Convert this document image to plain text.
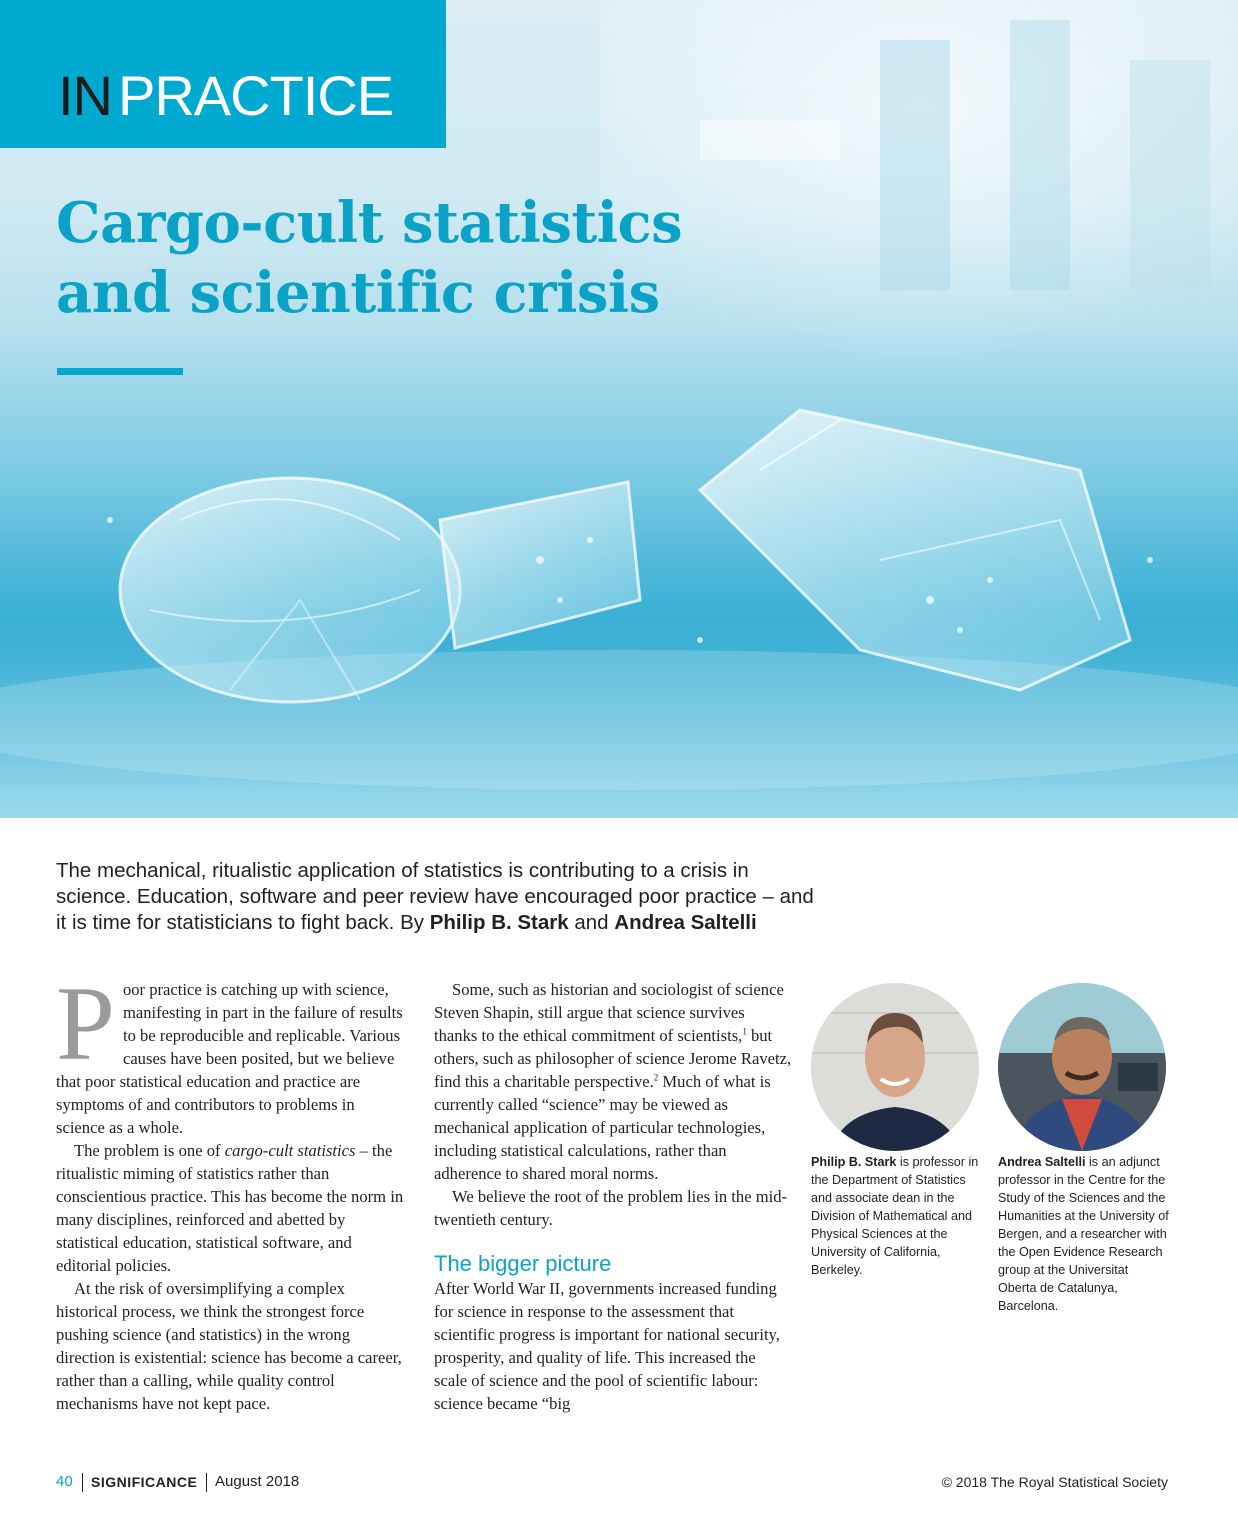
IN PRACTICE
Cargo-cult statistics and scientific crisis

The mechanical, ritualistic application of statistics is contributing to a crisis in science. Education, software and peer review have encouraged poor practice – and it is time for statisticians to fight back. By Philip B. Stark and Andrea Saltelli

Poor practice is catching up with science, manifesting in part in the failure of results to be reproducible and replicable. Various causes have been posited, but we believe that poor statistical education and practice are symptoms of and contributors to problems in science as a whole.

The problem is one of cargo-cult statistics – the ritualistic miming of statistics rather than conscientious practice. This has become the norm in many disciplines, reinforced and abetted by statistical education, statistical software, and editorial policies.

At the risk of oversimplifying a complex historical process, we think the strongest force pushing science (and statistics) in the wrong direction is existential: science has become a career, rather than a calling, while quality control mechanisms have not kept pace.

Some, such as historian and sociologist of science Steven Shapin, still argue that science survives thanks to the ethical commitment of scientists,$^1$ but others, such as philosopher of science Jerome Ravetz, find this a charitable perspective.$^2$ Much of what is currently called “science” may be viewed as mechanical application of particular technologies, including statistical calculations, rather than adherence to shared moral norms.

We believe the root of the problem lies in the mid-twentieth century.

The bigger picture

After World War II, governments increased funding for science in response to the assessment that scientific progress is important for national security, prosperity, and quality of life. This increased the scale of science and the pool of scientific labour: science became “big

Philip B. Stark is professor in the Department of Statistics and associate dean in the Division of Mathematical and Physical Sciences at the University of California, Berkeley.
Andrea Saltelli is an adjunct professor in the Centre for the Study of the Sciences and the Humanities at the University of Bergen, and a researcher with the Open Evidence Research group at the Universitat Oberta de Catalunya, Barcelona.
40 SIGNIFICANCE August 2018	© 2018 The Royal Statistical Society
